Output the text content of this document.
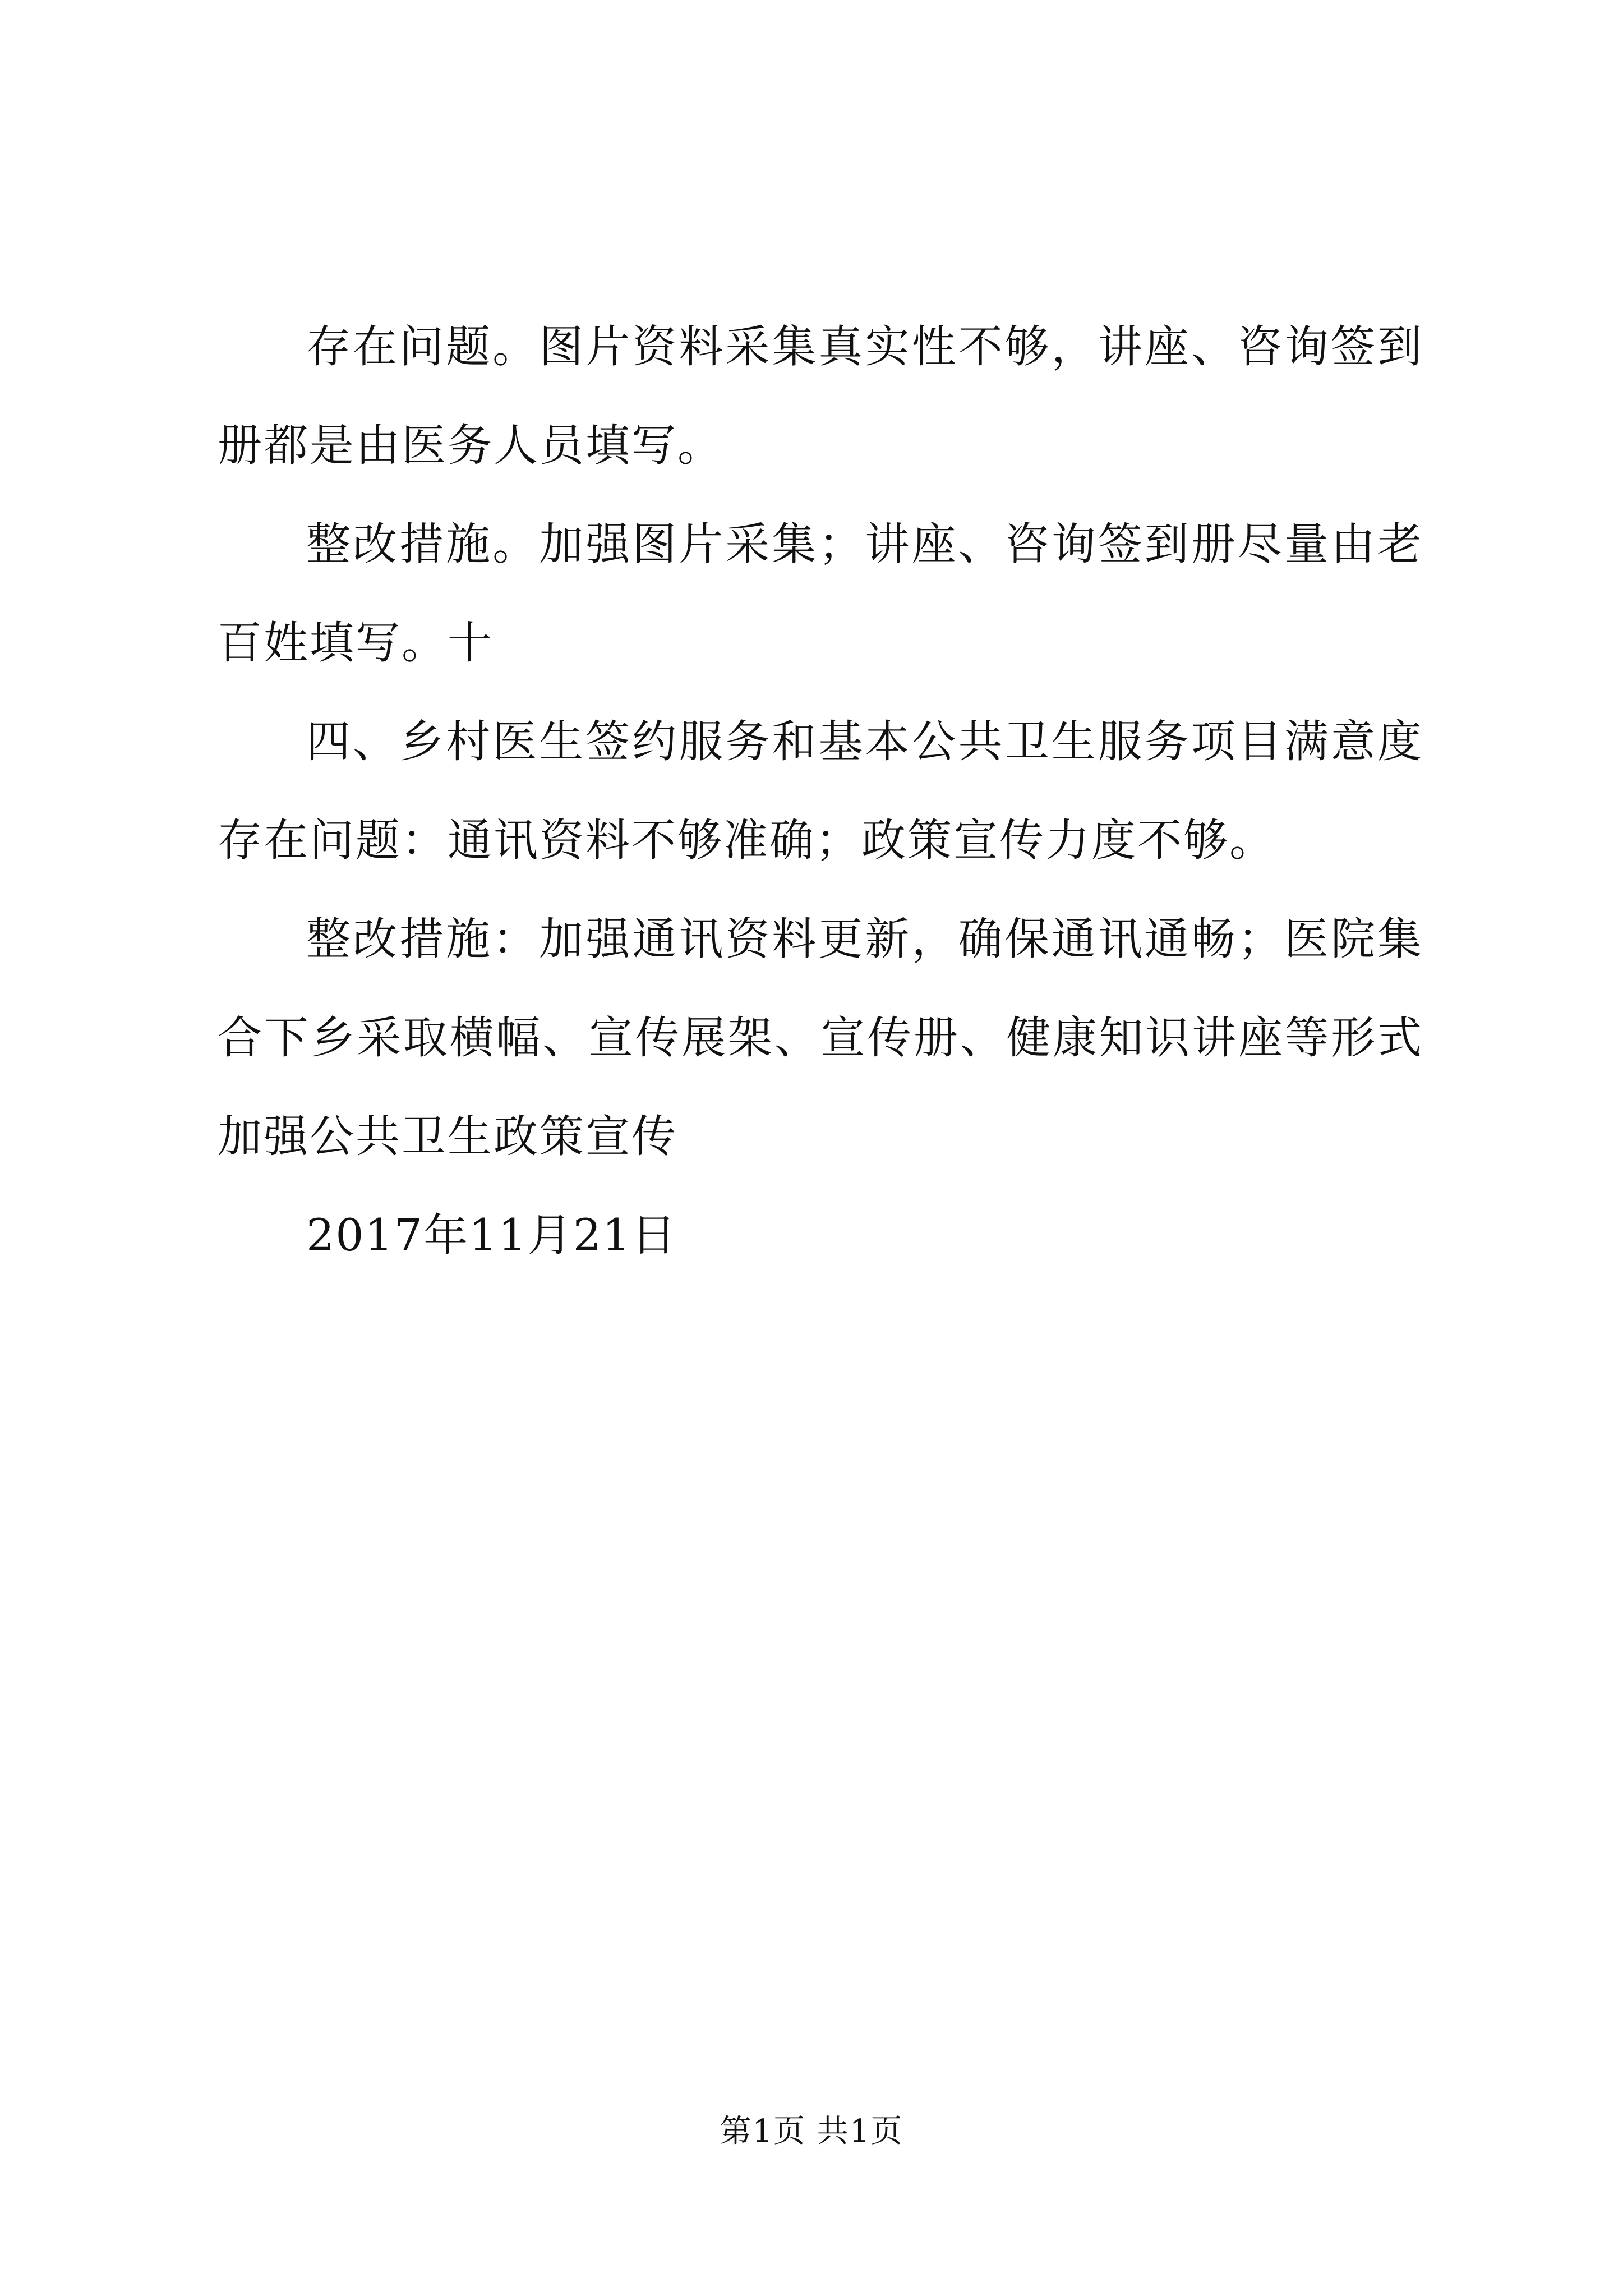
存在问题。图片资料采集真实性不够，讲座、咨询签到册都是由医务人员填写。

整改措施。加强图片采集；讲座、咨询签到册尽量由老百姓填写。十

四、乡村医生签约服务和基本公共卫生服务项目满意度存在问题：通讯资料不够准确；政策宣传力度不够。

整改措施：加强通讯资料更新，确保通讯通畅；医院集合下乡采取横幅、宣传展架、宣传册、健康知识讲座等形式加强公共卫生政策宣传

2017年11月21日

第1页 共1页
